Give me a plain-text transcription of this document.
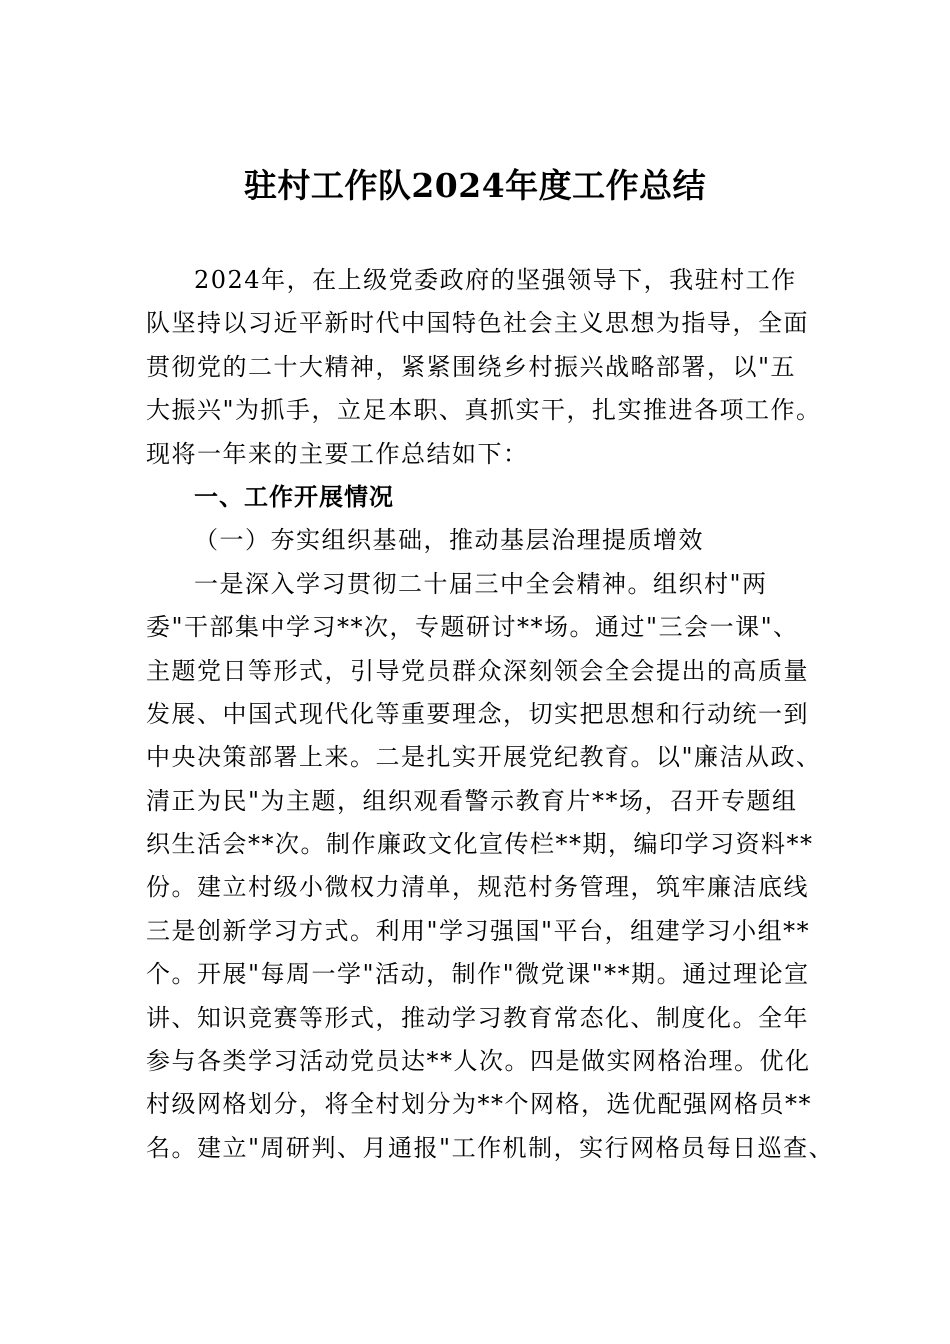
驻村工作队2024年度工作总结
2024年，在上级党委政府的坚强领导下，我驻村工作
队坚持以习近平新时代中国特色社会主义思想为指导，全面
贯彻党的二十大精神，紧紧围绕乡村振兴战略部署，以"五
大振兴"为抓手，立足本职、真抓实干，扎实推进各项工作。
现将一年来的主要工作总结如下：
一、工作开展情况
（一）夯实组织基础，推动基层治理提质增效
一是深入学习贯彻二十届三中全会精神。组织村"两
委"干部集中学习**次，专题研讨**场。通过"三会一课"、
主题党日等形式，引导党员群众深刻领会全会提出的高质量
发展、中国式现代化等重要理念，切实把思想和行动统一到
中央决策部署上来。二是扎实开展党纪教育。以"廉洁从政、
清正为民"为主题，组织观看警示教育片**场，召开专题组
织生活会**次。制作廉政文化宣传栏**期，编印学习资料**
份。建立村级小微权力清单，规范村务管理，筑牢廉洁底线
三是创新学习方式。利用"学习强国"平台，组建学习小组**
个。开展"每周一学"活动，制作"微党课"**期。通过理论宣
讲、知识竞赛等形式，推动学习教育常态化、制度化。全年
参与各类学习活动党员达**人次。四是做实网格治理。优化
村级网格划分，将全村划分为**个网格，选优配强网格员**
名。建立"周研判、月通报"工作机制，实行网格员每日巡查、
